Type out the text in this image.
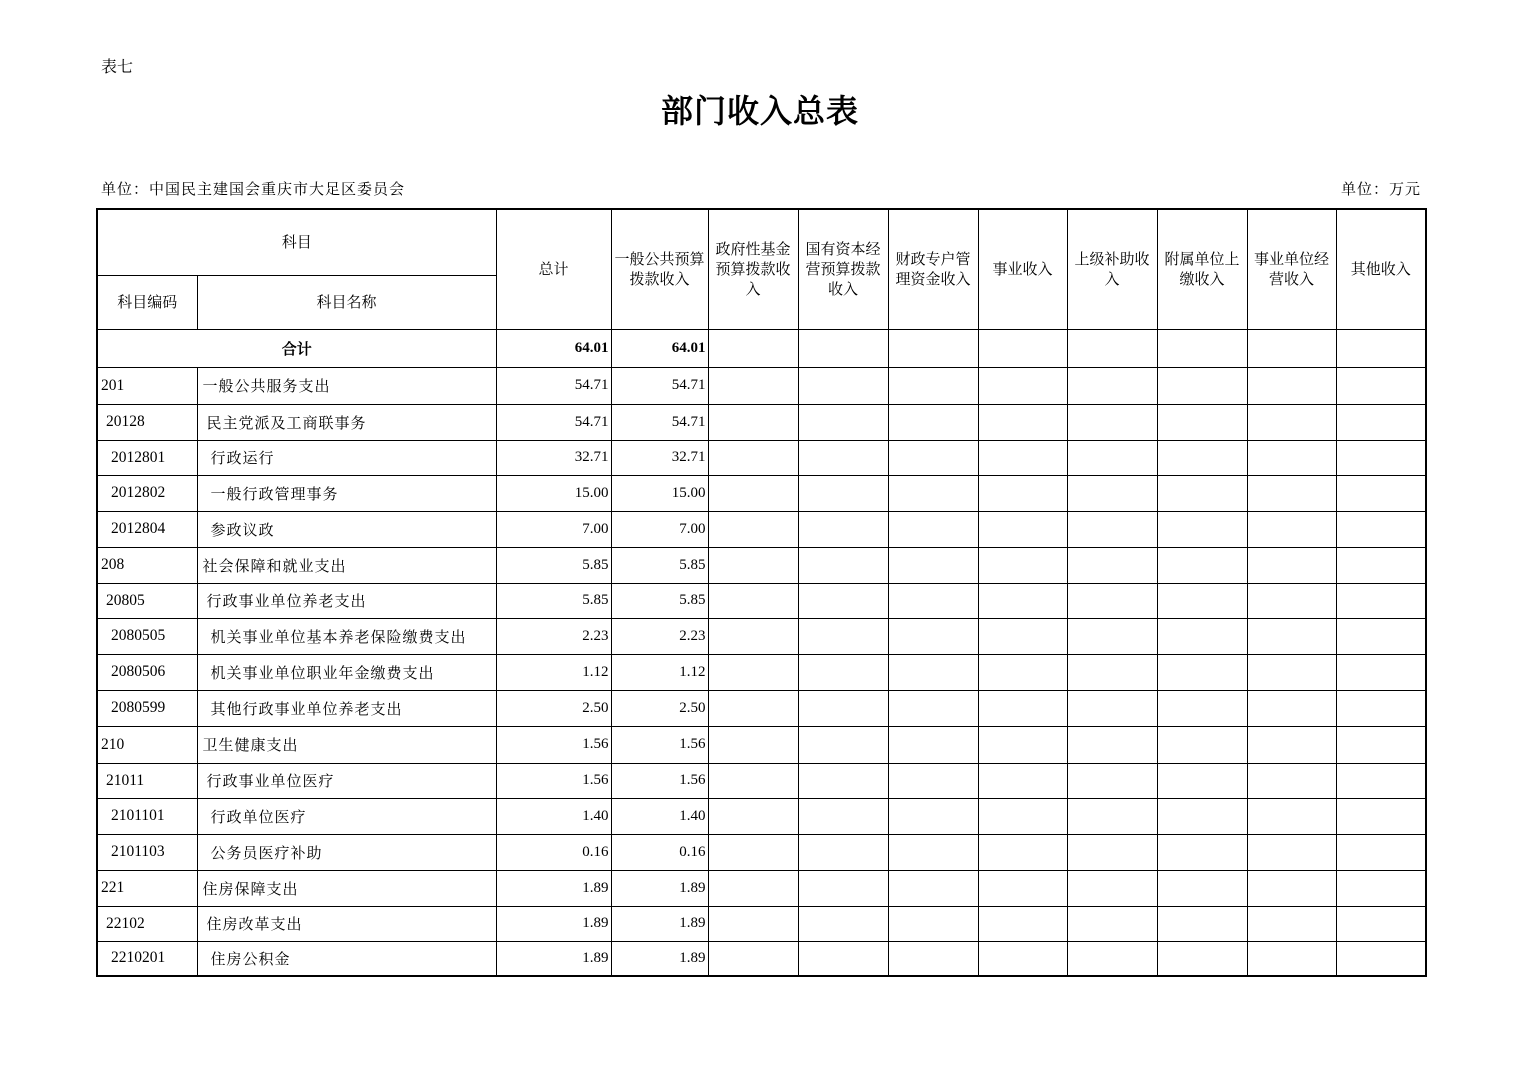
表七
部门收入总表
单位：中国民主建国会重庆市大足区委员会	单位：万元
科目		总计	一般公共预算拨款收入	政府性基金预算拨款收入	国有资本经营预算拨款收入	财政专户管理资金收入	事业收入	上级补助收入	附属单位上缴收入	事业单位经营收入	其他收入
科目编码	科目名称										
合计		64.01	64.01								
201	一般公共服务支出	54.71	54.71								
20128	民主党派及工商联事务	54.71	54.71								
2012801	行政运行	32.71	32.71								
2012802	一般行政管理事务	15.00	15.00								
2012804	参政议政	7.00	7.00								
208	社会保障和就业支出	5.85	5.85								
20805	行政事业单位养老支出	5.85	5.85								
2080505	机关事业单位基本养老保险缴费支出	2.23	2.23								
2080506	机关事业单位职业年金缴费支出	1.12	1.12								
2080599	其他行政事业单位养老支出	2.50	2.50								
210	卫生健康支出	1.56	1.56								
21011	行政事业单位医疗	1.56	1.56								
2101101	行政单位医疗	1.40	1.40								
2101103	公务员医疗补助	0.16	0.16								
221	住房保障支出	1.89	1.89								
22102	住房改革支出	1.89	1.89								
2210201	住房公积金	1.89	1.89								
